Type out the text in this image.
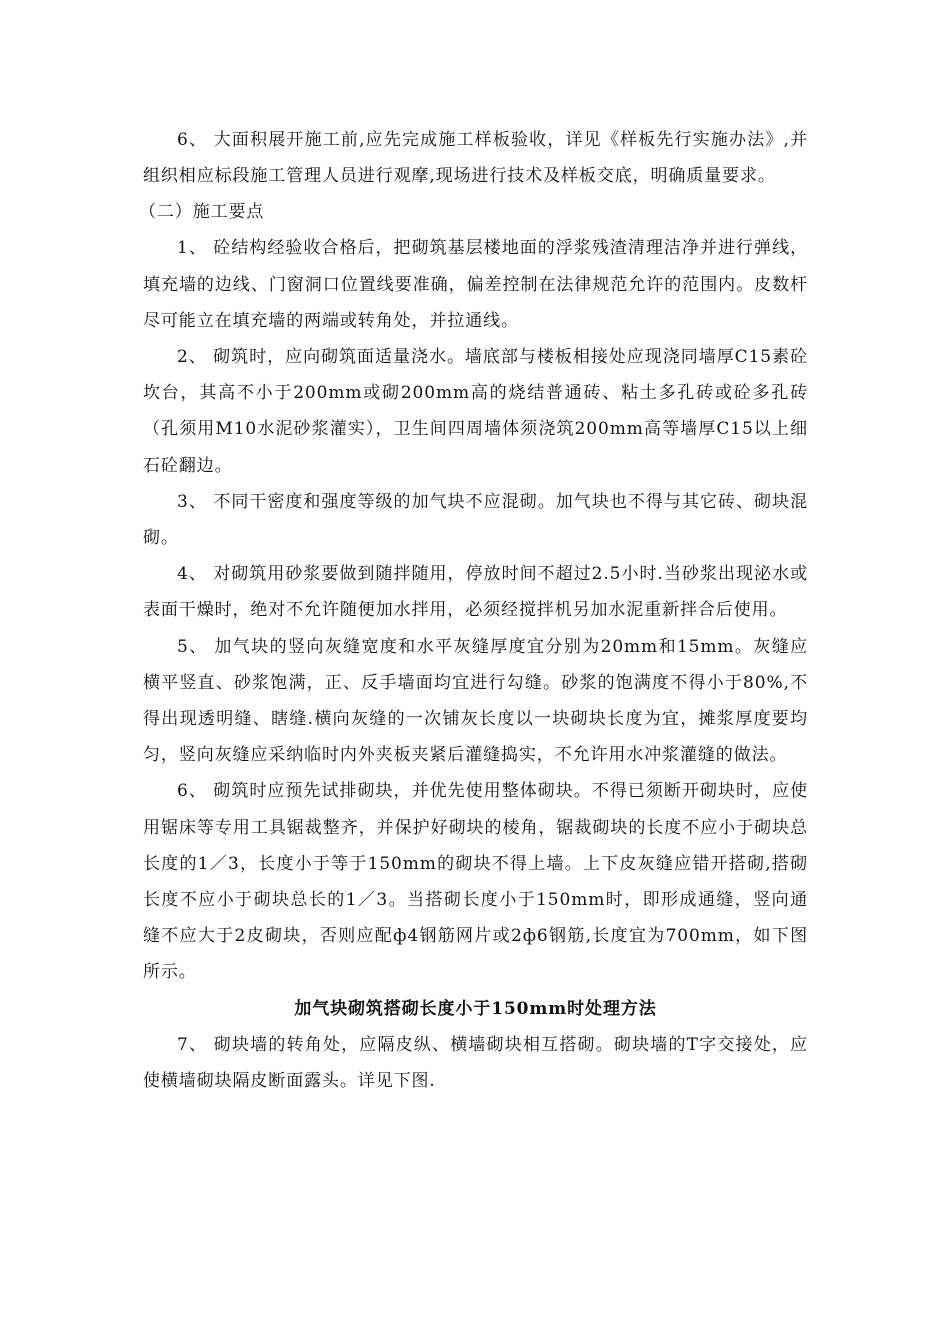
6、 大面积展开施工前,应先完成施工样板验收，详见《样板先行实施办法》,并组织相应标段施工管理人员进行观摩,现场进行技术及样板交底，明确质量要求。

（二）施工要点

1、 砼结构经验收合格后，把砌筑基层楼地面的浮浆残渣清理洁净并进行弹线，填充墙的边线、门窗洞口位置线要准确，偏差控制在法律规范允许的范围内。皮数杆尽可能立在填充墙的两端或转角处，并拉通线。

2、 砌筑时，应向砌筑面适量浇水。墙底部与楼板相接处应现浇同墙厚C15素砼坎台，其高不小于200mm或砌200mm高的烧结普通砖、粘土多孔砖或砼多孔砖（孔须用M10水泥砂浆灌实），卫生间四周墙体须浇筑200mm高等墙厚C15以上细石砼翻边。

3、 不同干密度和强度等级的加气块不应混砌。加气块也不得与其它砖、砌块混砌。

4、 对砌筑用砂浆要做到随拌随用，停放时间不超过2.5小时.当砂浆出现泌水或表面干燥时，绝对不允许随便加水拌用，必须经搅拌机另加水泥重新拌合后使用。

5、 加气块的竖向灰缝宽度和水平灰缝厚度宜分别为20mm和15mm。灰缝应横平竖直、砂浆饱满，正、反手墙面均宜进行勾缝。砂浆的饱满度不得小于80%,不得出现透明缝、瞎缝.横向灰缝的一次铺灰长度以一块砌块长度为宜，摊浆厚度要均匀，竖向灰缝应采纳临时内外夹板夹紧后灌缝捣实，不允许用水冲浆灌缝的做法。

6、 砌筑时应预先试排砌块，并优先使用整体砌块。不得已须断开砌块时，应使用锯床等专用工具锯裁整齐，并保护好砌块的棱角，锯裁砌块的长度不应小于砌块总长度的1／3，长度小于等于150mm的砌块不得上墙。上下皮灰缝应错开搭砌,搭砌长度不应小于砌块总长的1／3。当搭砌长度小于150mm时，即形成通缝，竖向通缝不应大于2皮砌块，否则应配ф4钢筋网片或2ф6钢筋,长度宜为700mm，如下图所示。

加气块砌筑搭砌长度小于150mm时处理方法

7、 砌块墙的转角处，应隔皮纵、横墙砌块相互搭砌。砌块墙的T字交接处，应使横墙砌块隔皮断面露头。详见下图.
